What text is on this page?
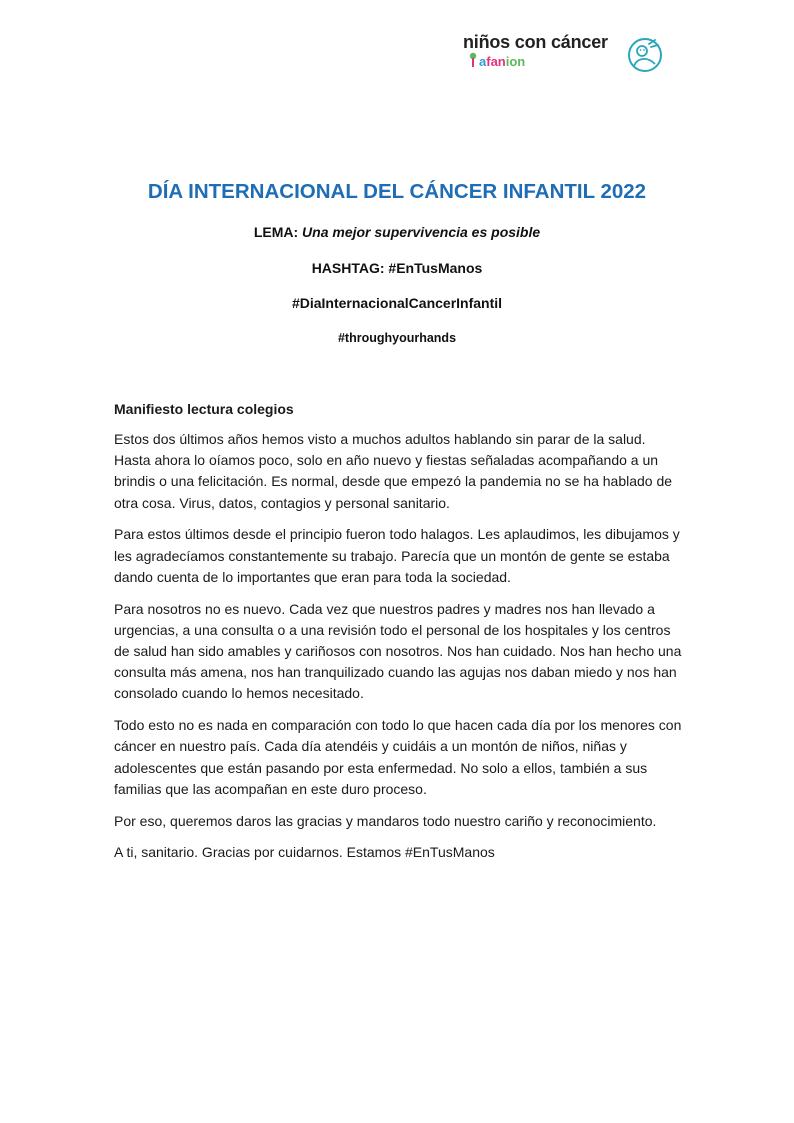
niños con cáncer
afanion
DÍA INTERNACIONAL DEL CÁNCER INFANTIL 2022
LEMA: Una mejor supervivencia es posible
HASHTAG: #EnTusManos
#DiaInternacionalCancerInfantil
#throughyourhands
Manifiesto lectura colegios

Estos dos últimos años hemos visto a muchos adultos hablando sin parar de la salud. Hasta ahora lo oíamos poco, solo en año nuevo y fiestas señaladas acompañando a un brindis o una felicitación. Es normal, desde que empezó la pandemia no se ha hablado de otra cosa. Virus, datos, contagios y personal sanitario.

Para estos últimos desde el principio fueron todo halagos. Les aplaudimos, les dibujamos y les agradecíamos constantemente su trabajo. Parecía que un montón de gente se estaba dando cuenta de lo importantes que eran para toda la sociedad.

Para nosotros no es nuevo. Cada vez que nuestros padres y madres nos han llevado a urgencias, a una consulta o a una revisión todo el personal de los hospitales y los centros de salud han sido amables y cariñosos con nosotros. Nos han cuidado. Nos han hecho una consulta más amena, nos han tranquilizado cuando las agujas nos daban miedo y nos han consolado cuando lo hemos necesitado.

Todo esto no es nada en comparación con todo lo que hacen cada día por los menores con cáncer en nuestro país. Cada día atendéis y cuidáis a un montón de niños, niñas y adolescentes que están pasando por esta enfermedad. No solo a ellos, también a sus familias que las acompañan en este duro proceso.

Por eso, queremos daros las gracias y mandaros todo nuestro cariño y reconocimiento.

A ti, sanitario. Gracias por cuidarnos. Estamos #EnTusManos
